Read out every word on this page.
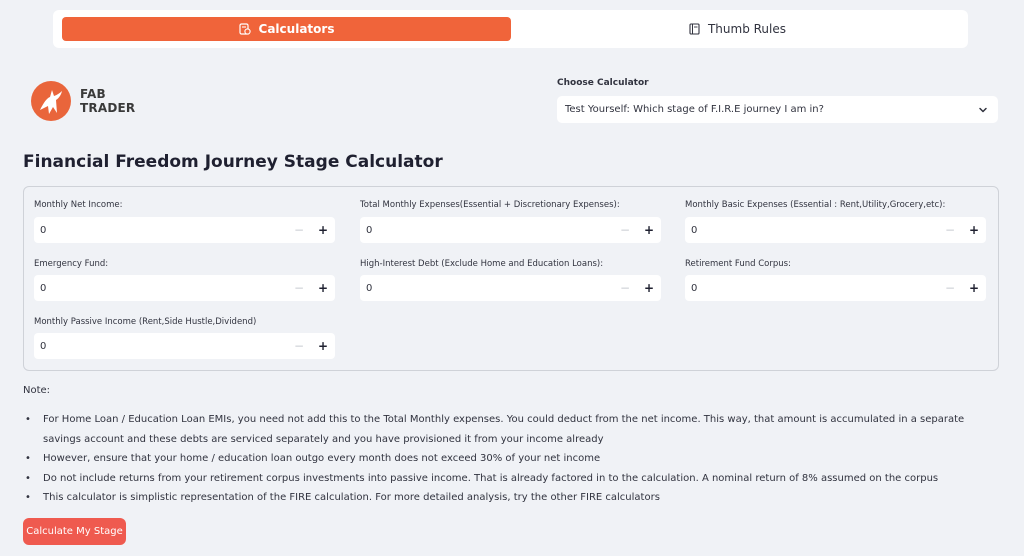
Calculators	Thumb Rules
FAB
TRADER
Choose Calculator
Test Yourself: Which stage of F.I.R.E journey I am in?
Financial Freedom Journey Stage Calculator
Monthly Net Income:
0	−	+
Total Monthly Expenses(Essential + Discretionary Expenses):
0	−	+
Monthly Basic Expenses (Essential : Rent,Utility,Grocery,etc):
0	−	+
Emergency Fund:
0	−	+
High-Interest Debt (Exclude Home and Education Loans):
0	−	+
Retirement Fund Corpus:
0	−	+
Monthly Passive Income (Rent,Side Hustle,Dividend)
0	−	+
Note:
•	For Home Loan / Education Loan EMIs, you need not add this to the Total Monthly expenses. You could deduct from the net income. This way, that amount is accumulated in a separate savings account and these debts are serviced separately and you have provisioned it from your income already
•	However, ensure that your home / education loan outgo every month does not exceed 30% of your net income
•	Do not include returns from your retirement corpus investments into passive income. That is already factored in to the calculation. A nominal return of 8% assumed on the corpus
•	This calculator is simplistic representation of the FIRE calculation. For more detailed analysis, try the other FIRE calculators
Calculate My Stage
